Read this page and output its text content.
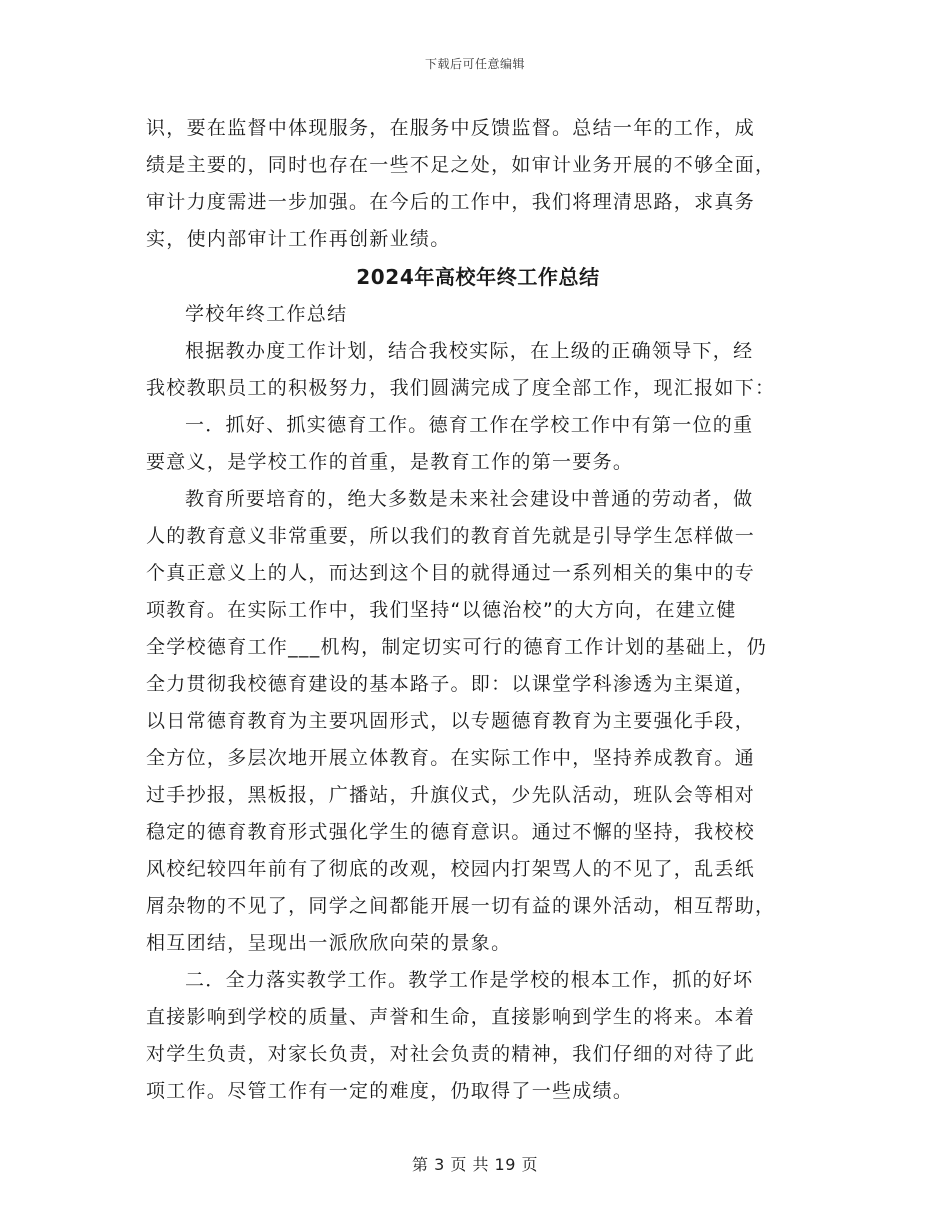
下载后可任意编辑

识，要在监督中体现服务，在服务中反馈监督。总结一年的工作，成

绩是主要的，同时也存在一些不足之处，如审计业务开展的不够全面，

审计力度需进一步加强。在今后的工作中，我们将理清思路，求真务

实，使内部审计工作再创新业绩。

2024年高校年终工作总结

学校年终工作总结

根据教办度工作计划，结合我校实际，在上级的正确领导下，经

我校教职员工的积极努力，我们圆满完成了度全部工作，现汇报如下：

一．抓好、抓实德育工作。德育工作在学校工作中有第一位的重

要意义，是学校工作的首重，是教育工作的第一要务。

教育所要培育的，绝大多数是未来社会建设中普通的劳动者，做

人的教育意义非常重要，所以我们的教育首先就是引导学生怎样做一

个真正意义上的人，而达到这个目的就得通过一系列相关的集中的专

项教育。在实际工作中，我们坚持“以德治校”的大方向，在建立健

全学校德育工作___机构，制定切实可行的德育工作计划的基础上，仍

全力贯彻我校德育建设的基本路子。即：以课堂学科渗透为主渠道，

以日常德育教育为主要巩固形式，以专题德育教育为主要强化手段，

全方位，多层次地开展立体教育。在实际工作中，坚持养成教育。通

过手抄报，黑板报，广播站，升旗仪式，少先队活动，班队会等相对

稳定的德育教育形式强化学生的德育意识。通过不懈的坚持，我校校

风校纪较四年前有了彻底的改观，校园内打架骂人的不见了，乱丢纸

屑杂物的不见了，同学之间都能开展一切有益的课外活动，相互帮助，

相互团结，呈现出一派欣欣向荣的景象。

二．全力落实教学工作。教学工作是学校的根本工作，抓的好坏

直接影响到学校的质量、声誉和生命，直接影响到学生的将来。本着

对学生负责，对家长负责，对社会负责的精神，我们仔细的对待了此

项工作。尽管工作有一定的难度，仍取得了一些成绩。

第 3 页 共 19 页
